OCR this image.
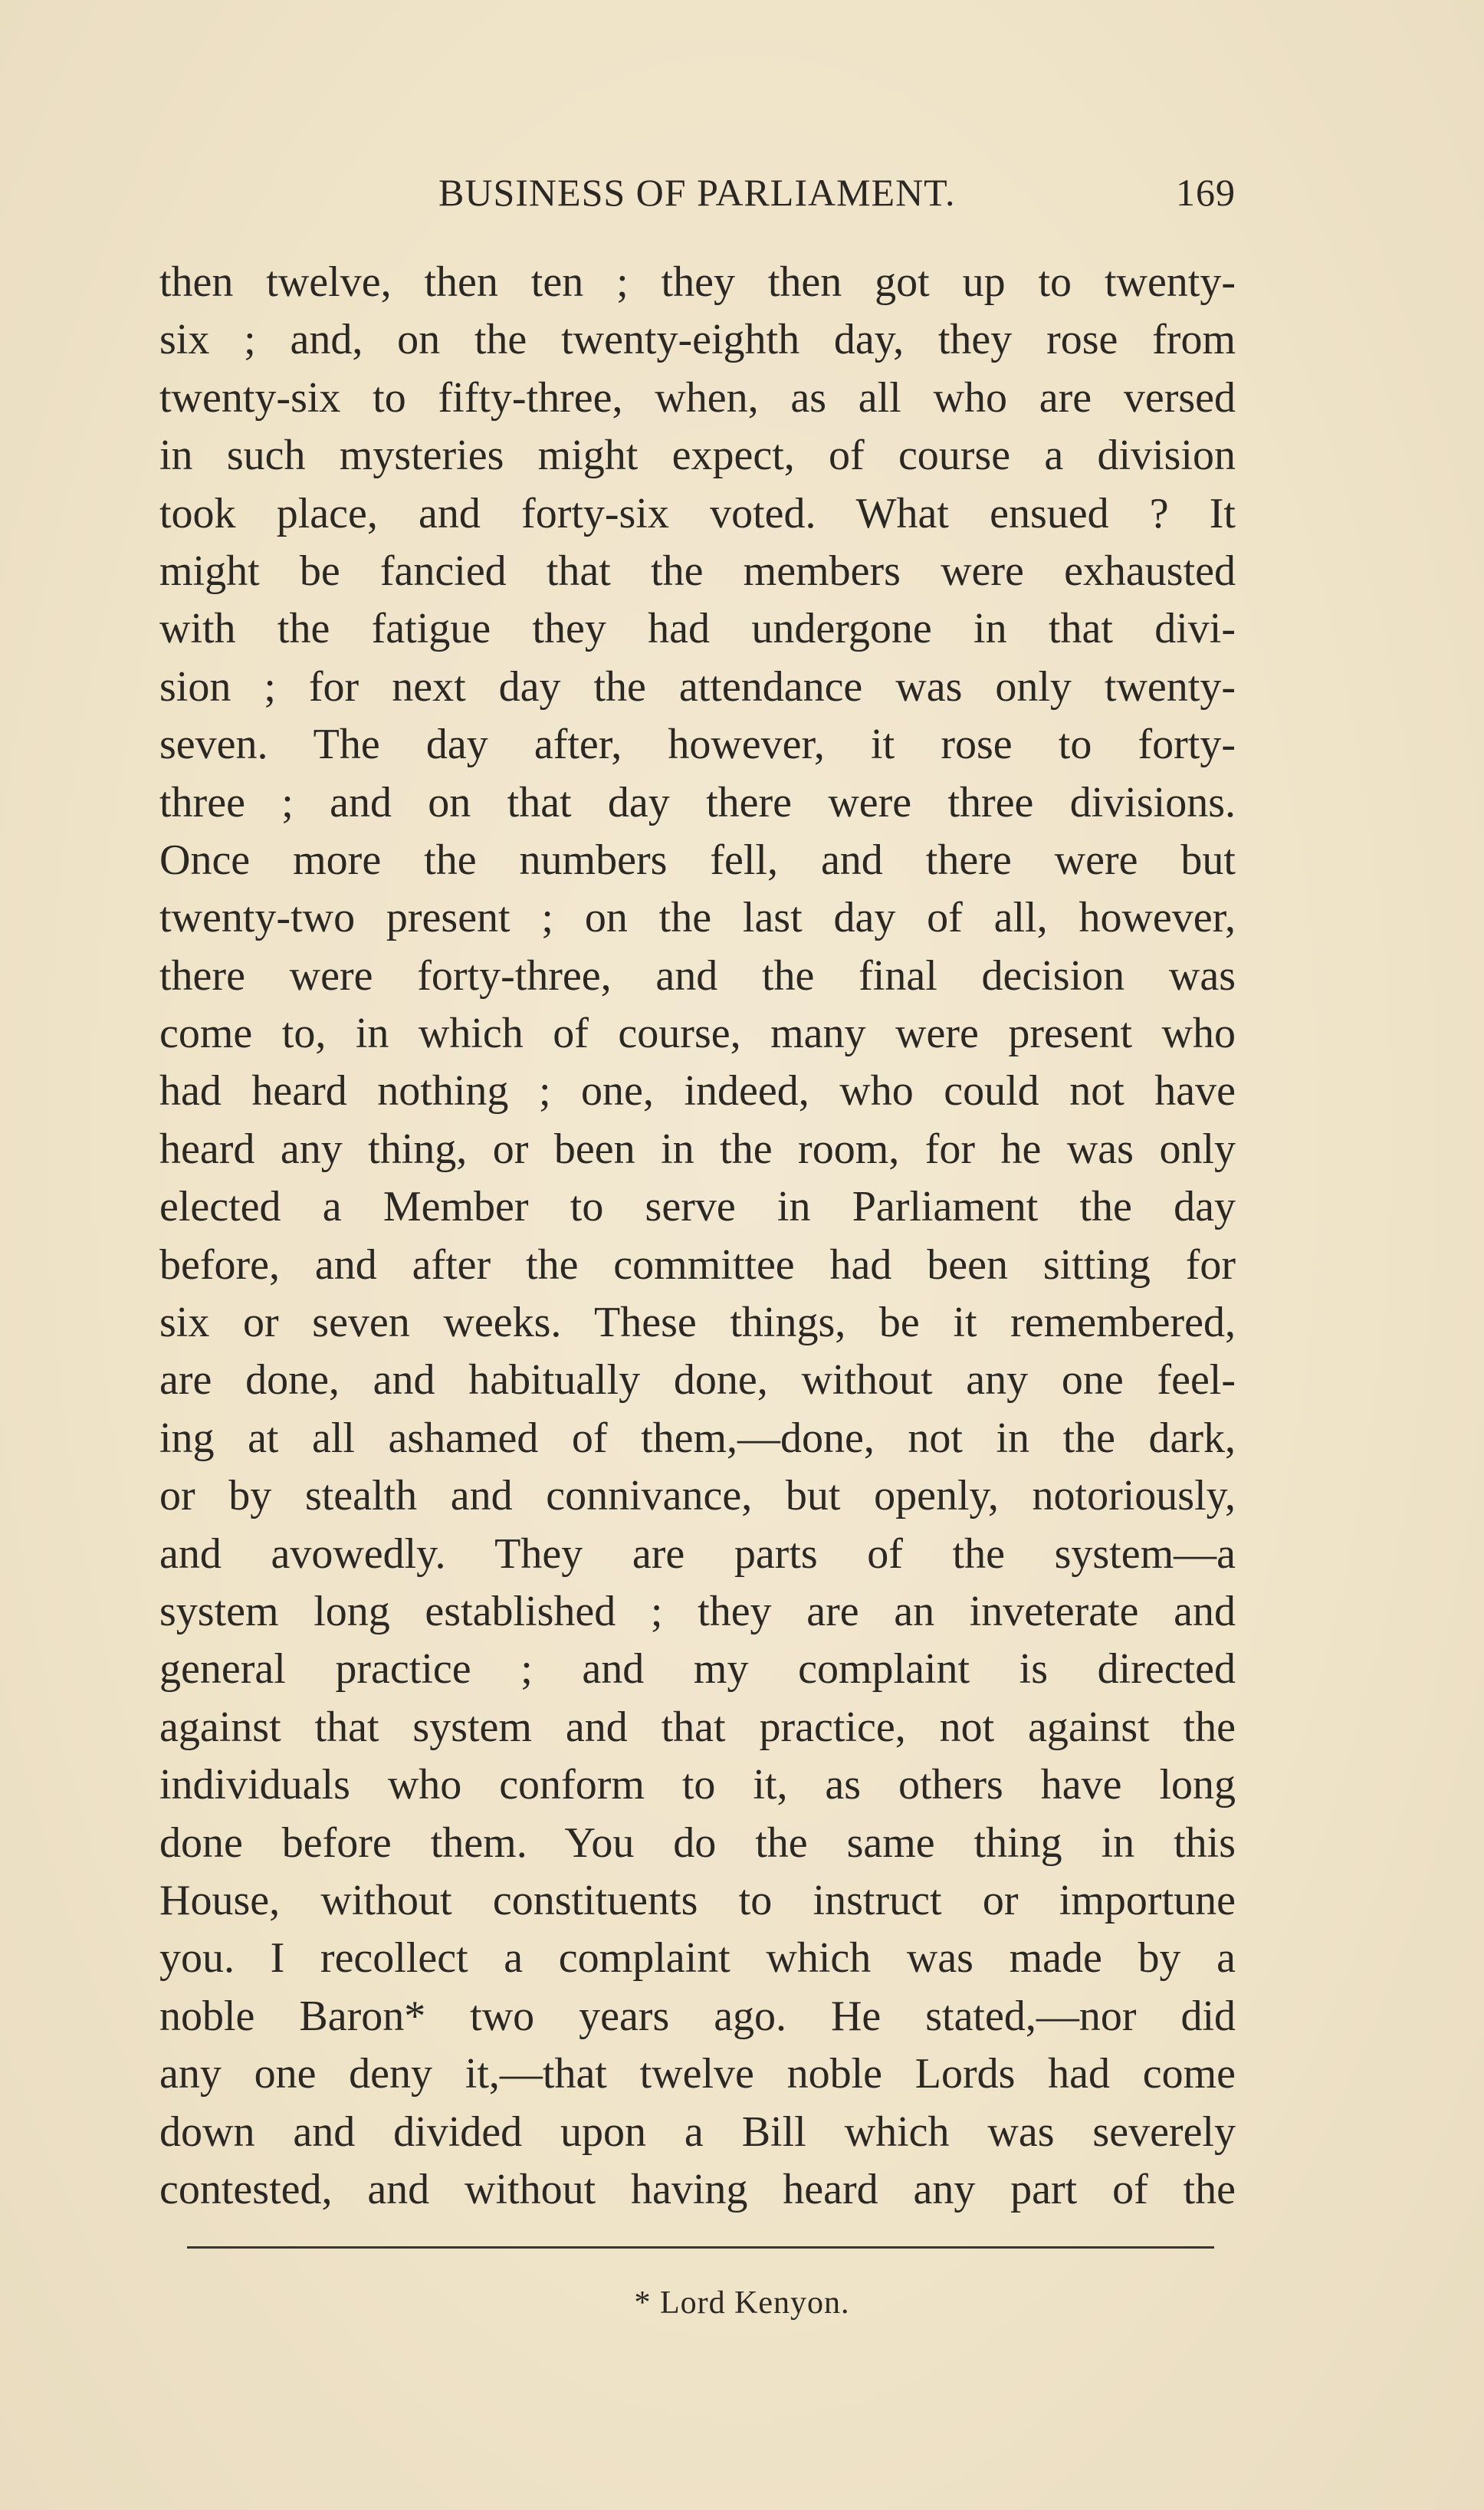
BUSINESS OF PARLIAMENT.	169
then twelve, then ten ; they then got up to twenty-
six ; and, on the twenty-eighth day, they rose from
twenty-six to fifty-three, when, as all who are versed
in such mysteries might expect, of course a division
took place, and forty-six voted. What ensued ? It
might be fancied that the members were exhausted
with the fatigue they had undergone in that divi-
sion ; for next day the attendance was only twenty-
seven. The day after, however, it rose to forty-
three ; and on that day there were three divisions.
Once more the numbers fell, and there were but
twenty-two present ; on the last day of all, however,
there were forty-three, and the final decision was
come to, in which of course, many were present who
had heard nothing ; one, indeed, who could not have
heard any thing, or been in the room, for he was only
elected a Member to serve in Parliament the day
before, and after the committee had been sitting for
six or seven weeks. These things, be it remembered,
are done, and habitually done, without any one feel-
ing at all ashamed of them,—done, not in the dark,
or by stealth and connivance, but openly, notoriously,
and avowedly. They are parts of the system—a
system long established ; they are an inveterate and
general practice ; and my complaint is directed
against that system and that practice, not against the
individuals who conform to it, as others have long
done before them. You do the same thing in this
House, without constituents to instruct or importune
you. I recollect a complaint which was made by a
noble Baron* two years ago. He stated,—nor did
any one deny it,—that twelve noble Lords had come
down and divided upon a Bill which was severely
contested, and without having heard any part of the
* Lord Kenyon.
